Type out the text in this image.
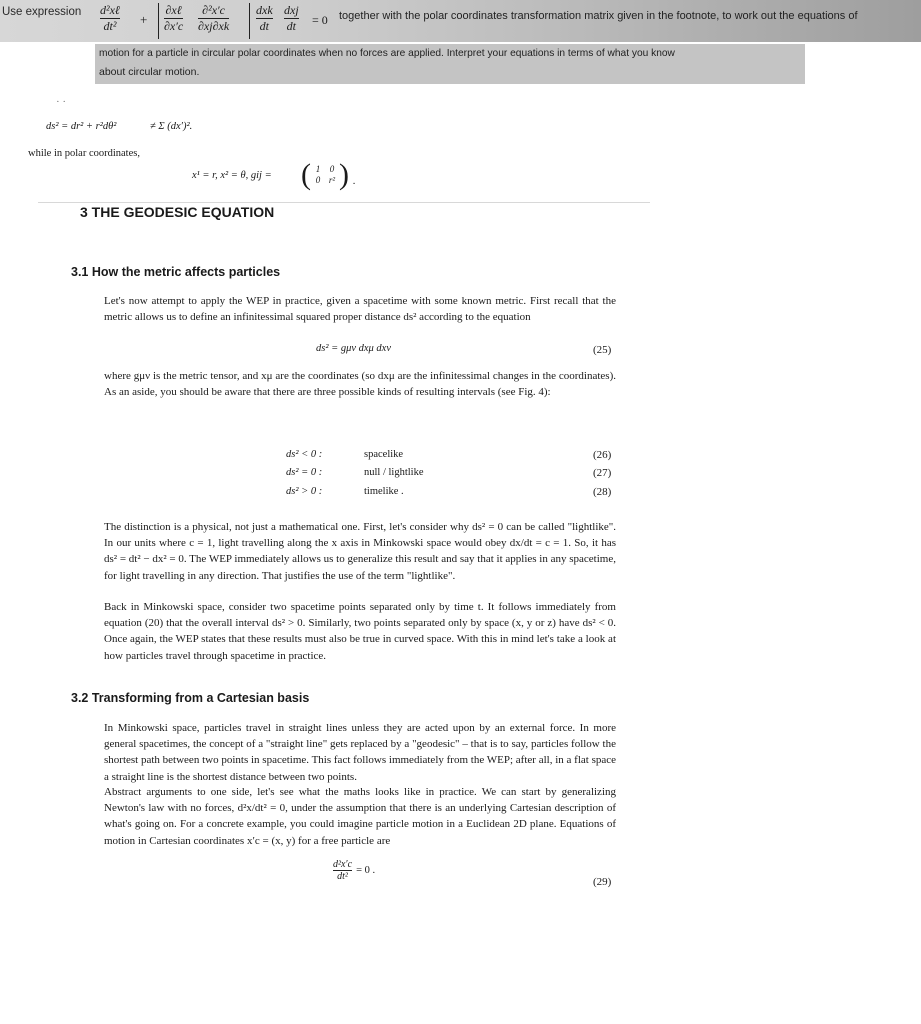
Use expression d²xℓ
dt² +
∂xℓ
∂x′c
∂²x′c
∂xj∂xk
dxk
dt
dxj
dt = 0 together with the polar coordinates transformation matrix given in the footnote, to work out the equations of
motion for a particle in circular polar coordinates when no forces are applied. Interpret your equations in terms of what you know
about circular motion.
· ·
ds² = dr² + r²dθ²	≠ Σ (dx′)².
while in polar coordinates,
x¹ = r, x² = θ, gij = ( 1	0
0 r² ) .
3 THE GEODESIC EQUATION
3.1 How the metric affects particles
Let's now attempt to apply the WEP in practice, given a spacetime with some known metric. First recall that the metric allows us to define an infinitessimal squared proper distance ds² according to the equation
ds² = gμν dxμ dxν	(25)
where gμν is the metric tensor, and xμ are the coordinates (so dxμ are the infinitessimal changes in the coordinates). As an aside, you should be aware that there are three possible kinds of resulting intervals (see Fig. 4):
ds² < 0 :	spacelike	(26)
ds² = 0 :	null / lightlike	(27)
ds² > 0 :	timelike .	(28)
The distinction is a physical, not just a mathematical one. First, let's consider why ds² = 0 can be called "lightlike". In our units where c = 1, light travelling along the x axis in Minkowski space would obey dx/dt = c = 1. So, it has ds² = dt² − dx² = 0. The WEP immediately allows us to generalize this result and say that it applies in any spacetime, for light travelling in any direction. That justifies the use of the term "lightlike".
Back in Minkowski space, consider two spacetime points separated only by time t. It follows immediately from equation (20) that the overall interval ds² > 0. Similarly, two points separated only by space (x, y or z) have ds² < 0. Once again, the WEP states that these results must also be true in curved space. With this in mind let's take a look at how particles travel through spacetime in practice.
3.2 Transforming from a Cartesian basis
In Minkowski space, particles travel in straight lines unless they are acted upon by an external force. In more general spacetimes, the concept of a "straight line" gets replaced by a "geodesic" – that is to say, particles follow the shortest path between two points in spacetime. This fact follows immediately from the WEP; after all, in a flat space a straight line is the shortest distance between two points.
Abstract arguments to one side, let's see what the maths looks like in practice. We can start by generalizing Newton's law with no forces, d²x/dt² = 0, under the assumption that there is an underlying Cartesian description of what's going on. For a concrete example, you could imagine particle motion in a Euclidean 2D plane. Equations of motion in Cartesian coordinates x′c = (x, y) for a free particle are
$\frac{\text{d²x′c}}{\text{dt²}} = 0$ .
(29)
